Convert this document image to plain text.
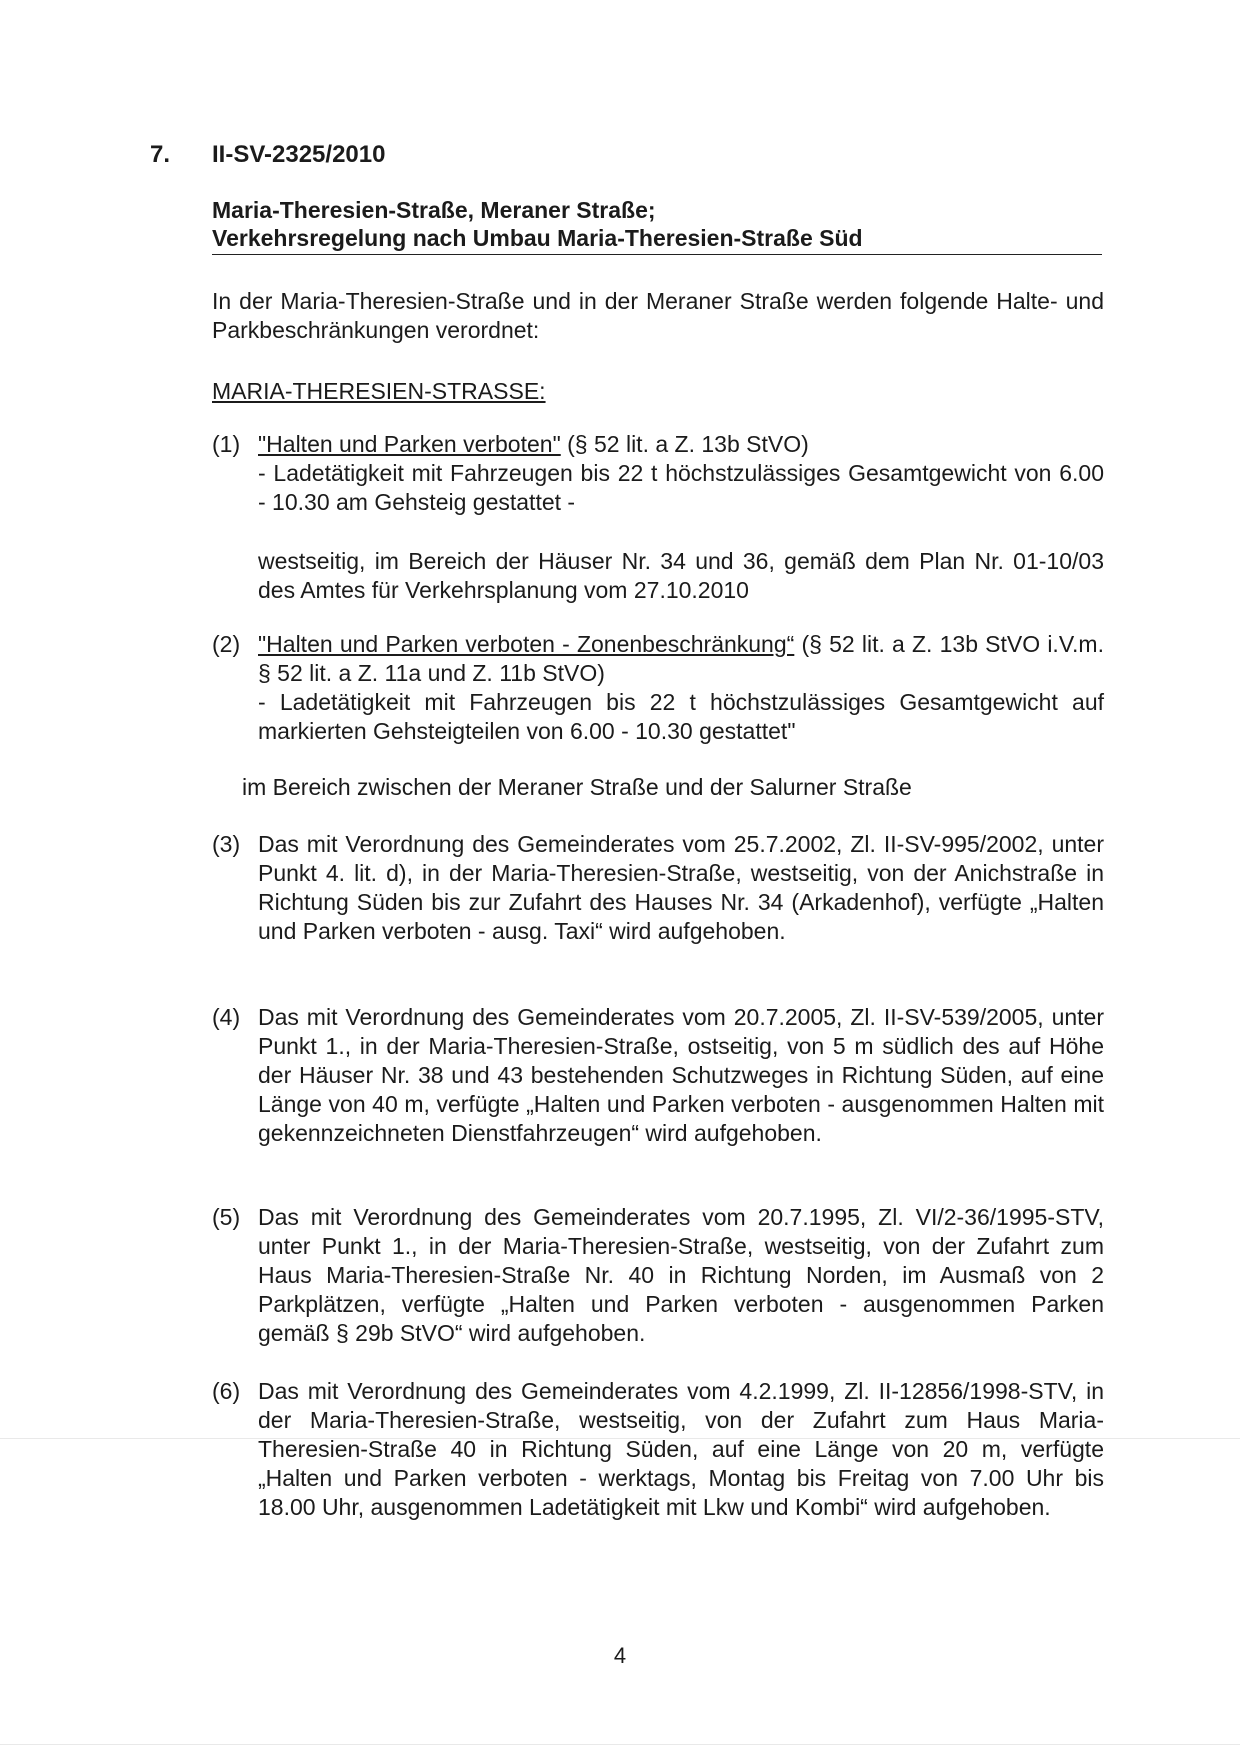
7. II-SV-2325/2010
Maria-Theresien-Straße, Meraner Straße;
Verkehrsregelung nach Umbau Maria-Theresien-Straße Süd
In der Maria-Theresien-Straße und in der Meraner Straße werden folgende Halte- und Parkbeschränkungen verordnet:
MARIA-THERESIEN-STRASSE:
(1) "Halten und Parken verboten" (§ 52 lit. a Z. 13b StVO)
- Ladetätigkeit mit Fahrzeugen bis 22 t höchstzulässiges Gesamtgewicht von 6.00 - 10.30 am Gehsteig gestattet -
westseitig, im Bereich der Häuser Nr. 34 und 36, gemäß dem Plan Nr. 01-10/03 des Amtes für Verkehrsplanung vom 27.10.2010
(2) "Halten und Parken verboten - Zonenbeschränkung“ (§ 52 lit. a Z. 13b StVO i.V.m. § 52 lit. a Z. 11a und Z. 11b StVO)
- Ladetätigkeit mit Fahrzeugen bis 22 t höchstzulässiges Gesamtgewicht auf markierten Gehsteigteilen von 6.00 - 10.30 gestattet"
im Bereich zwischen der Meraner Straße und der Salurner Straße
(3) Das mit Verordnung des Gemeinderates vom 25.7.2002, Zl. II-SV-995/2002, unter Punkt 4. lit. d), in der Maria-Theresien-Straße, westseitig, von der Anichstraße in Richtung Süden bis zur Zufahrt des Hauses Nr. 34 (Arkadenhof), verfügte „Halten und Parken verboten - ausg. Taxi“ wird aufgehoben.
(4) Das mit Verordnung des Gemeinderates vom 20.7.2005, Zl. II-SV-539/2005, unter Punkt 1., in der Maria-Theresien-Straße, ostseitig, von 5 m südlich des auf Höhe der Häuser Nr. 38 und 43 bestehenden Schutzweges in Richtung Süden, auf eine Länge von 40 m, verfügte „Halten und Parken verboten - ausgenommen Halten mit gekennzeichneten Dienstfahrzeugen“ wird aufgehoben.
(5) Das mit Verordnung des Gemeinderates vom 20.7.1995, Zl. VI/2-36/1995-STV, unter Punkt 1., in der Maria-Theresien-Straße, westseitig, von der Zufahrt zum Haus Maria-Theresien-Straße Nr. 40 in Richtung Norden, im Ausmaß von 2 Parkplätzen, verfügte „Halten und Parken verboten - ausgenommen Parken gemäß § 29b StVO“ wird aufgehoben.
(6) Das mit Verordnung des Gemeinderates vom 4.2.1999, Zl. II-12856/1998-STV, in der Maria-Theresien-Straße, westseitig, von der Zufahrt zum Haus Maria-Theresien-Straße 40 in Richtung Süden, auf eine Länge von 20 m, verfügte „Halten und Parken verboten - werktags, Montag bis Freitag von 7.00 Uhr bis 18.00 Uhr, ausgenommen Ladetätigkeit mit Lkw und Kombi“ wird aufgehoben.
4
